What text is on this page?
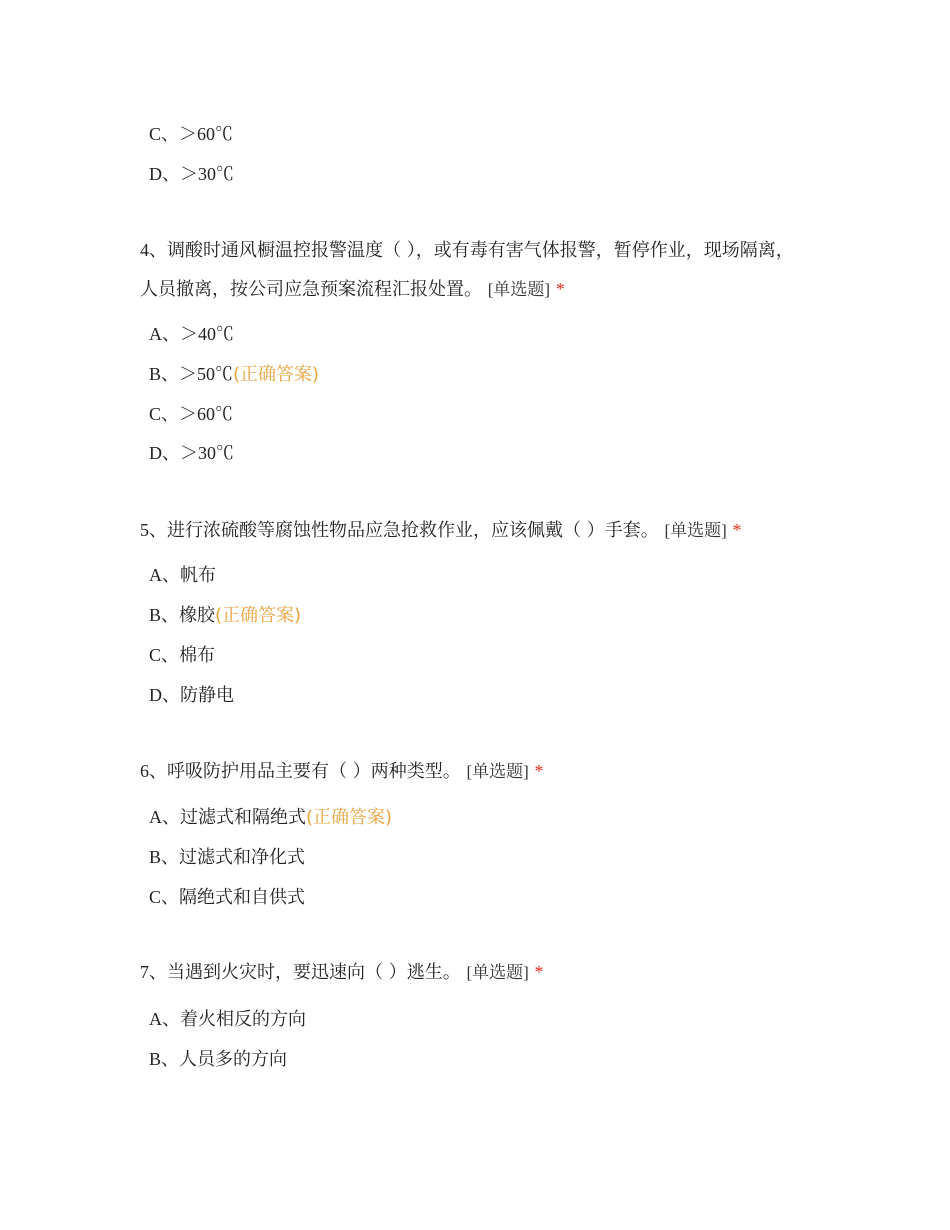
C、＞60℃
D、＞30℃
4、调酸时通风橱温控报警温度（ ），或有毒有害气体报警，暂停作业，现场隔离，人员撤离，按公司应急预案流程汇报处置。 [单选题] *
A、＞40℃
B、＞50℃(正确答案)
C、＞60℃
D、＞30℃
5、进行浓硫酸等腐蚀性物品应急抢救作业，应该佩戴（ ）手套。 [单选题] *
A、帆布
B、橡胶(正确答案)
C、棉布
D、防静电
6、呼吸防护用品主要有（ ）两种类型。 [单选题] *
A、过滤式和隔绝式(正确答案)
B、过滤式和净化式
C、隔绝式和自供式
7、当遇到火灾时，要迅速向（ ）逃生。 [单选题] *
A、着火相反的方向
B、人员多的方向
